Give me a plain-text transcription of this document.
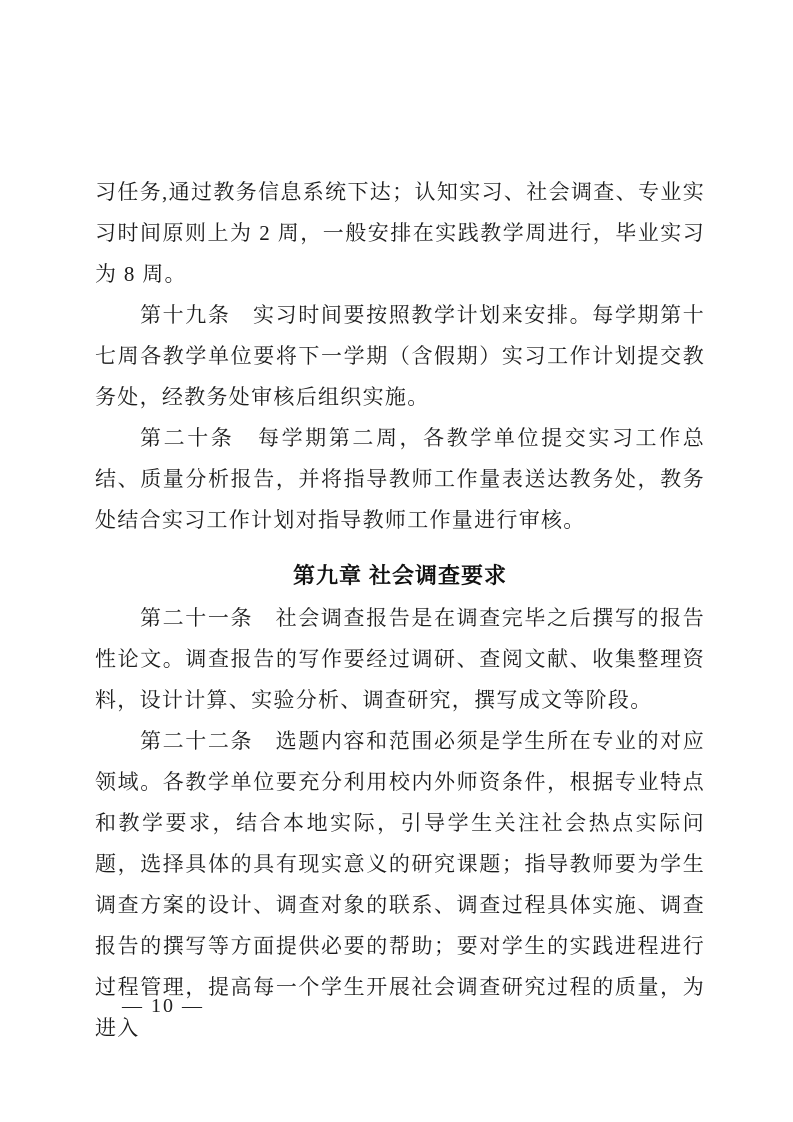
习任务,通过教务信息系统下达；认知实习、社会调查、专业实习时间原则上为 2 周，一般安排在实践教学周进行，毕业实习为 8 周。

第十九条　实习时间要按照教学计划来安排。每学期第十七周各教学单位要将下一学期（含假期）实习工作计划提交教务处，经教务处审核后组织实施。

第二十条　每学期第二周，各教学单位提交实习工作总结、质量分析报告，并将指导教师工作量表送达教务处，教务处结合实习工作计划对指导教师工作量进行审核。

第九章 社会调查要求

第二十一条　社会调查报告是在调查完毕之后撰写的报告性论文。调查报告的写作要经过调研、查阅文献、收集整理资料，设计计算、实验分析、调查研究，撰写成文等阶段。

第二十二条　选题内容和范围必须是学生所在专业的对应领域。各教学单位要充分利用校内外师资条件，根据专业特点和教学要求，结合本地实际，引导学生关注社会热点实际问题，选择具体的具有现实意义的研究课题；指导教师要为学生调查方案的设计、调查对象的联系、调查过程具体实施、调查报告的撰写等方面提供必要的帮助；要对学生的实践进程进行过程管理，提高每一个学生开展社会调查研究过程的质量，为进入

— 10 —
